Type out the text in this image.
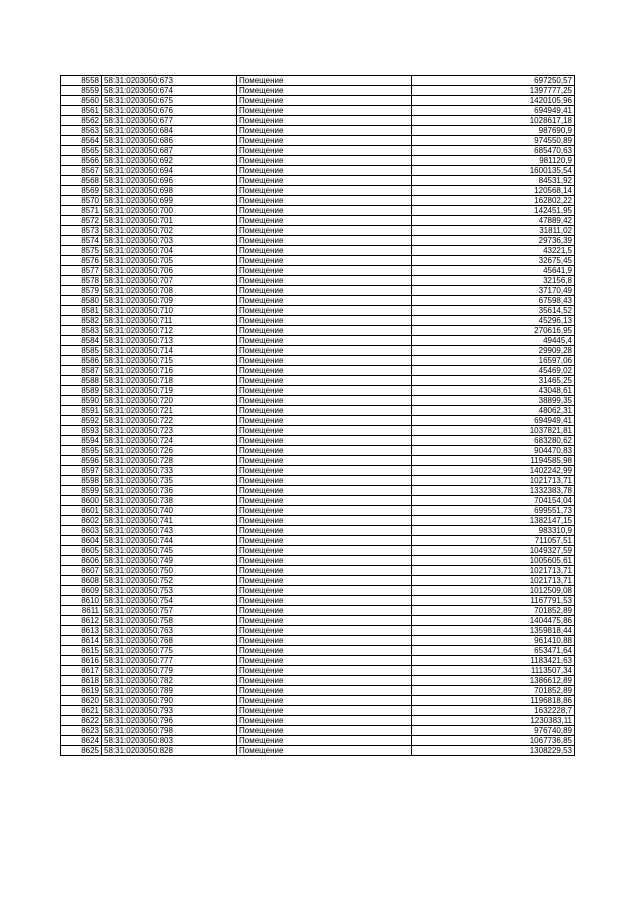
8558	58:31:0203050:673	Помещение	697250,57
8559	58:31:0203050:674	Помещение	1397777,25
8560	58:31:0203050:675	Помещение	1420105,96
8561	58:31:0203050:676	Помещение	694949,41
8562	58:31:0203050:677	Помещение	1028617,18
8563	58:31:0203050:684	Помещение	987690,9
8564	58:31:0203050:686	Помещение	974550,89
8565	58:31:0203050:687	Помещение	685470,63
8566	58:31:0203050:692	Помещение	981120,9
8567	58:31:0203050:694	Помещение	1600135,54
8568	58:31:0203050:696	Помещение	84531,92
8569	58:31:0203050:698	Помещение	120568,14
8570	58:31:0203050:699	Помещение	162802,22
8571	58:31:0203050:700	Помещение	142451,95
8572	58:31:0203050:701	Помещение	47889,42
8573	58:31:0203050:702	Помещение	31811,02
8574	58:31:0203050:703	Помещение	29736,39
8575	58:31:0203050:704	Помещение	43221,5
8576	58:31:0203050:705	Помещение	32675,45
8577	58:31:0203050:706	Помещение	45641,9
8578	58:31:0203050:707	Помещение	32156,8
8579	58:31:0203050:708	Помещение	37170,49
8580	58:31:0203050:709	Помещение	67598,43
8581	58:31:0203050:710	Помещение	35614,52
8582	58:31:0203050:711	Помещение	45296,13
8583	58:31:0203050:712	Помещение	270616,95
8584	58:31:0203050:713	Помещение	49445,4
8585	58:31:0203050:714	Помещение	29909,28
8586	58:31:0203050:715	Помещение	16597,06
8587	58:31:0203050:716	Помещение	45469,02
8588	58:31:0203050:718	Помещение	31465,25
8589	58:31:0203050:719	Помещение	43048,61
8590	58:31:0203050:720	Помещение	38899,35
8591	58:31:0203050:721	Помещение	48062,31
8592	58:31:0203050:722	Помещение	694949,41
8593	58:31:0203050:723	Помещение	1037821,81
8594	58:31:0203050:724	Помещение	683280,62
8595	58:31:0203050:726	Помещение	904470,83
8596	58:31:0203050:728	Помещение	1194585,98
8597	58:31:0203050:733	Помещение	1402242,99
8598	58:31:0203050:735	Помещение	1021713,71
8599	58:31:0203050:736	Помещение	1332383,78
8600	58:31:0203050:738	Помещение	704154,04
8601	58:31:0203050:740	Помещение	699551,73
8602	58:31:0203050:741	Помещение	1382147,15
8603	58:31:0203050:743	Помещение	983310,9
8604	58:31:0203050:744	Помещение	711057,51
8605	58:31:0203050:745	Помещение	1049327,59
8606	58:31:0203050:749	Помещение	1005605,61
8607	58:31:0203050:750	Помещение	1021713,71
8608	58:31:0203050:752	Помещение	1021713,71
8609	58:31:0203050:753	Помещение	1012509,08
8610	58:31:0203050:754	Помещение	1167791,53
8611	58:31:0203050:757	Помещение	701852,89
8612	58:31:0203050:758	Помещение	1404475,86
8613	58:31:0203050:763	Помещение	1359818,44
8614	58:31:0203050:768	Помещение	961410,88
8615	58:31:0203050:775	Помещение	653471,64
8616	58:31:0203050:777	Помещение	1183421,63
8617	58:31:0203050:779	Помещение	1113507,34
8618	58:31:0203050:782	Помещение	1386612,89
8619	58:31:0203050:789	Помещение	701852,89
8620	58:31:0203050:790	Помещение	1196818,86
8621	58:31:0203050:793	Помещение	1632228,7
8622	58:31:0203050:796	Помещение	1230383,11
8623	58:31:0203050:798	Помещение	976740,89
8624	58:31:0203050:803	Помещение	1067736,85
8625	58:31:0203050:828	Помещение	1308229,53
